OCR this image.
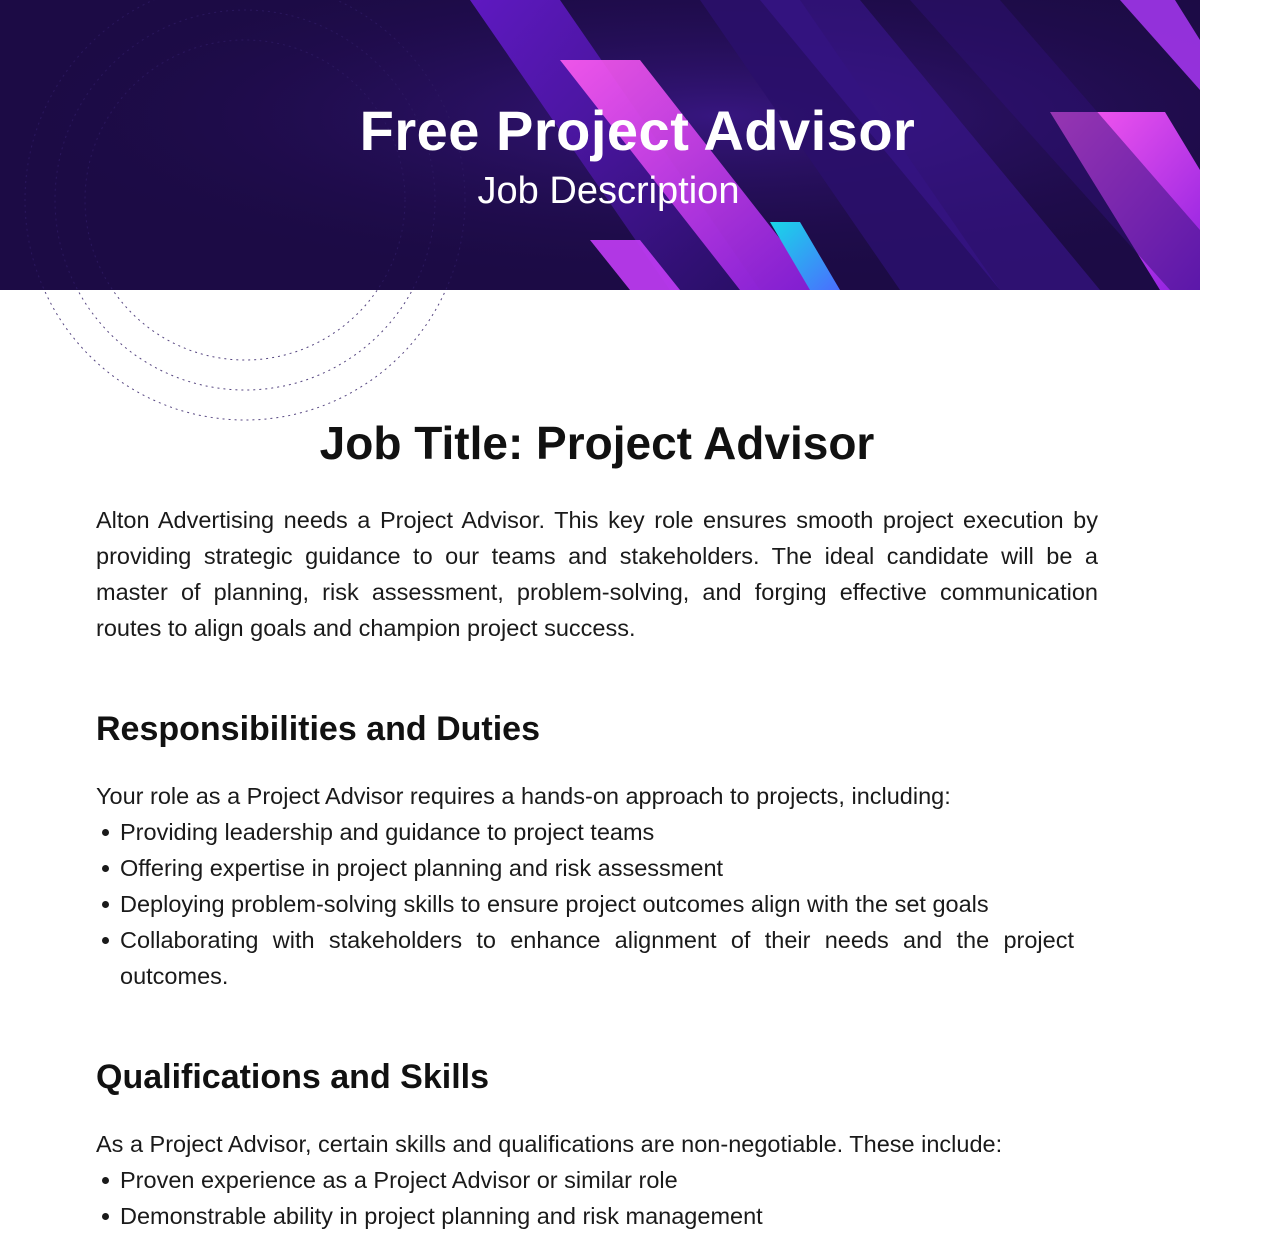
Free Project Advisor
Job Description
Job Title: Project Advisor

Alton Advertising needs a Project Advisor. This key role ensures smooth project execution by providing strategic guidance to our teams and stakeholders. The ideal candidate will be a master of planning, risk assessment, problem-solving, and forging effective communication routes to align goals and champion project success.

Responsibilities and Duties

Your role as a Project Advisor requires a hands-on approach to projects, including:

Providing leadership and guidance to project teams
Offering expertise in project planning and risk assessment
Deploying problem-solving skills to ensure project outcomes align with the set goals
Collaborating with stakeholders to enhance alignment of their needs and the project outcomes.
Qualifications and Skills

As a Project Advisor, certain skills and qualifications are non-negotiable. These include:

Proven experience as a Project Advisor or similar role
Demonstrable ability in project planning and risk management
